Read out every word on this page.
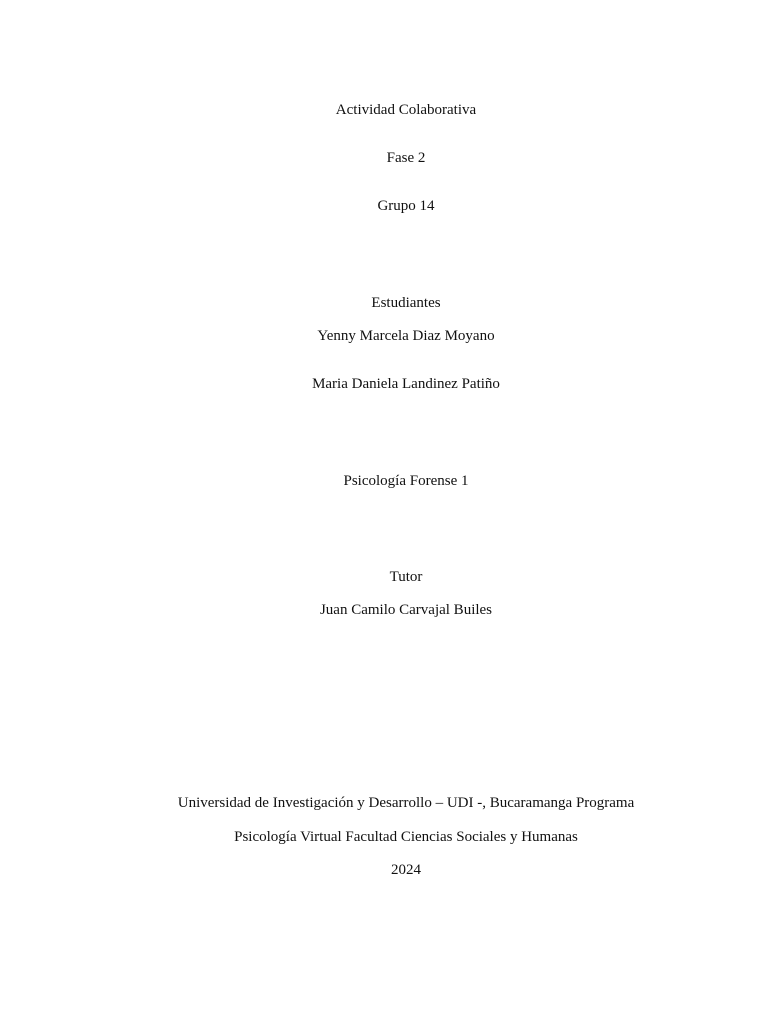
Actividad Colaborativa
Fase 2
Grupo 14
Estudiantes
Yenny Marcela Diaz Moyano
Maria Daniela Landinez Patiño
Psicología Forense 1
Tutor
Juan Camilo Carvajal Builes
Universidad de Investigación y Desarrollo – UDI -, Bucaramanga Programa
Psicología Virtual Facultad Ciencias Sociales y Humanas
2024
